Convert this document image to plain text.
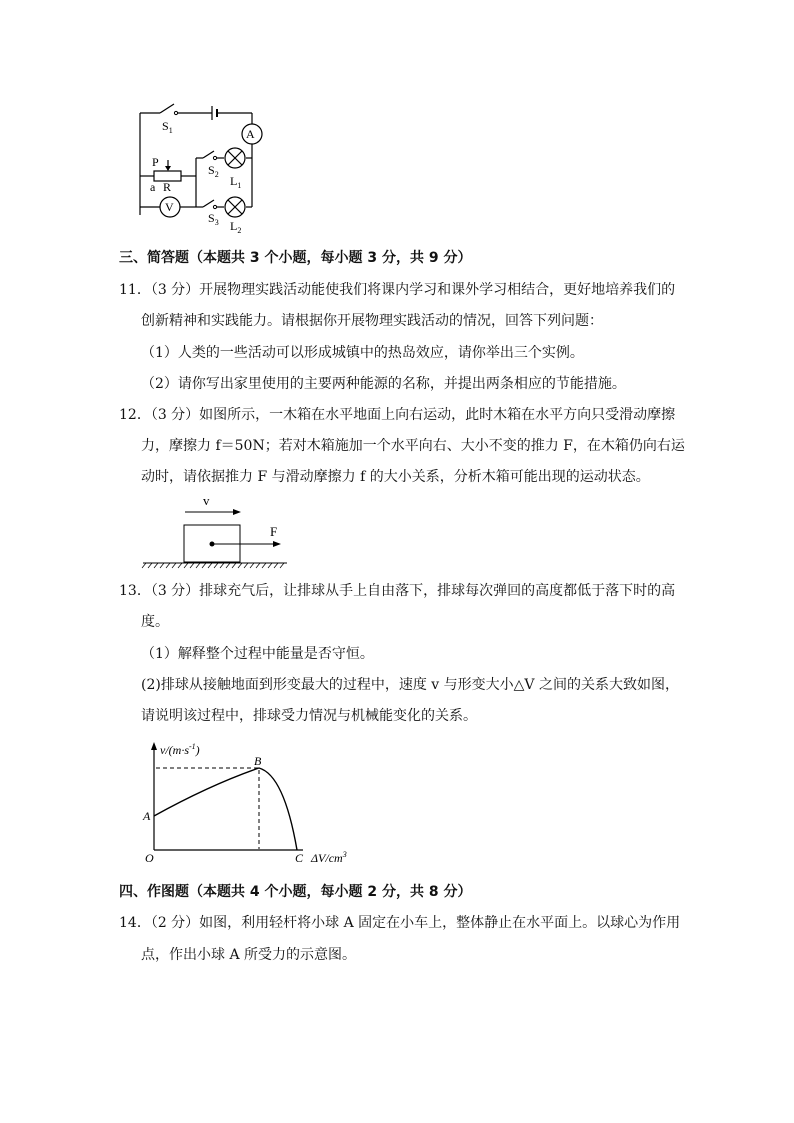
A
V
$S_1$
$S_2$
$S_3$
$L_1$
$L_2$
P
a R
三、简答题（本题共 3 个小题，每小题 3 分，共 9 分）
11．（3 分）开展物理实践活动能使我们将课内学习和课外学习相结合，更好地培养我们的
创新精神和实践能力。请根据你开展物理实践活动的情况，回答下列问题：
（1）人类的一些活动可以形成城镇中的热岛效应，请你举出三个实例。
（2）请你写出家里使用的主要两种能源的名称，并提出两条相应的节能措施。
12．（3 分）如图所示，一木箱在水平地面上向右运动，此时木箱在水平方向只受滑动摩擦
力，摩擦力 f＝50N；若对木箱施加一个水平向右、大小不变的推力 F，在木箱仍向右运
动时，请依据推力 F 与滑动摩擦力 f 的大小关系，分析木箱可能出现的运动状态。
v
F
13．（3 分）排球充气后，让排球从手上自由落下，排球每次弹回的高度都低于落下时的高
度。
（1）解释整个过程中能量是否守恒。
(2)排球从接触地面到形变最大的过程中，速度 v 与形变大小△V 之间的关系大致如图，
请说明该过程中，排球受力情况与机械能变化的关系。
$v/(m\cdot s^{-1})$
A
B
C
O	$\Delta V/cm^3$
四、作图题（本题共 4 个小题，每小题 2 分，共 8 分）
14．（2 分）如图，利用轻杆将小球 A 固定在小车上，整体静止在水平面上。以球心为作用
点，作出小球 A 所受力的示意图。
